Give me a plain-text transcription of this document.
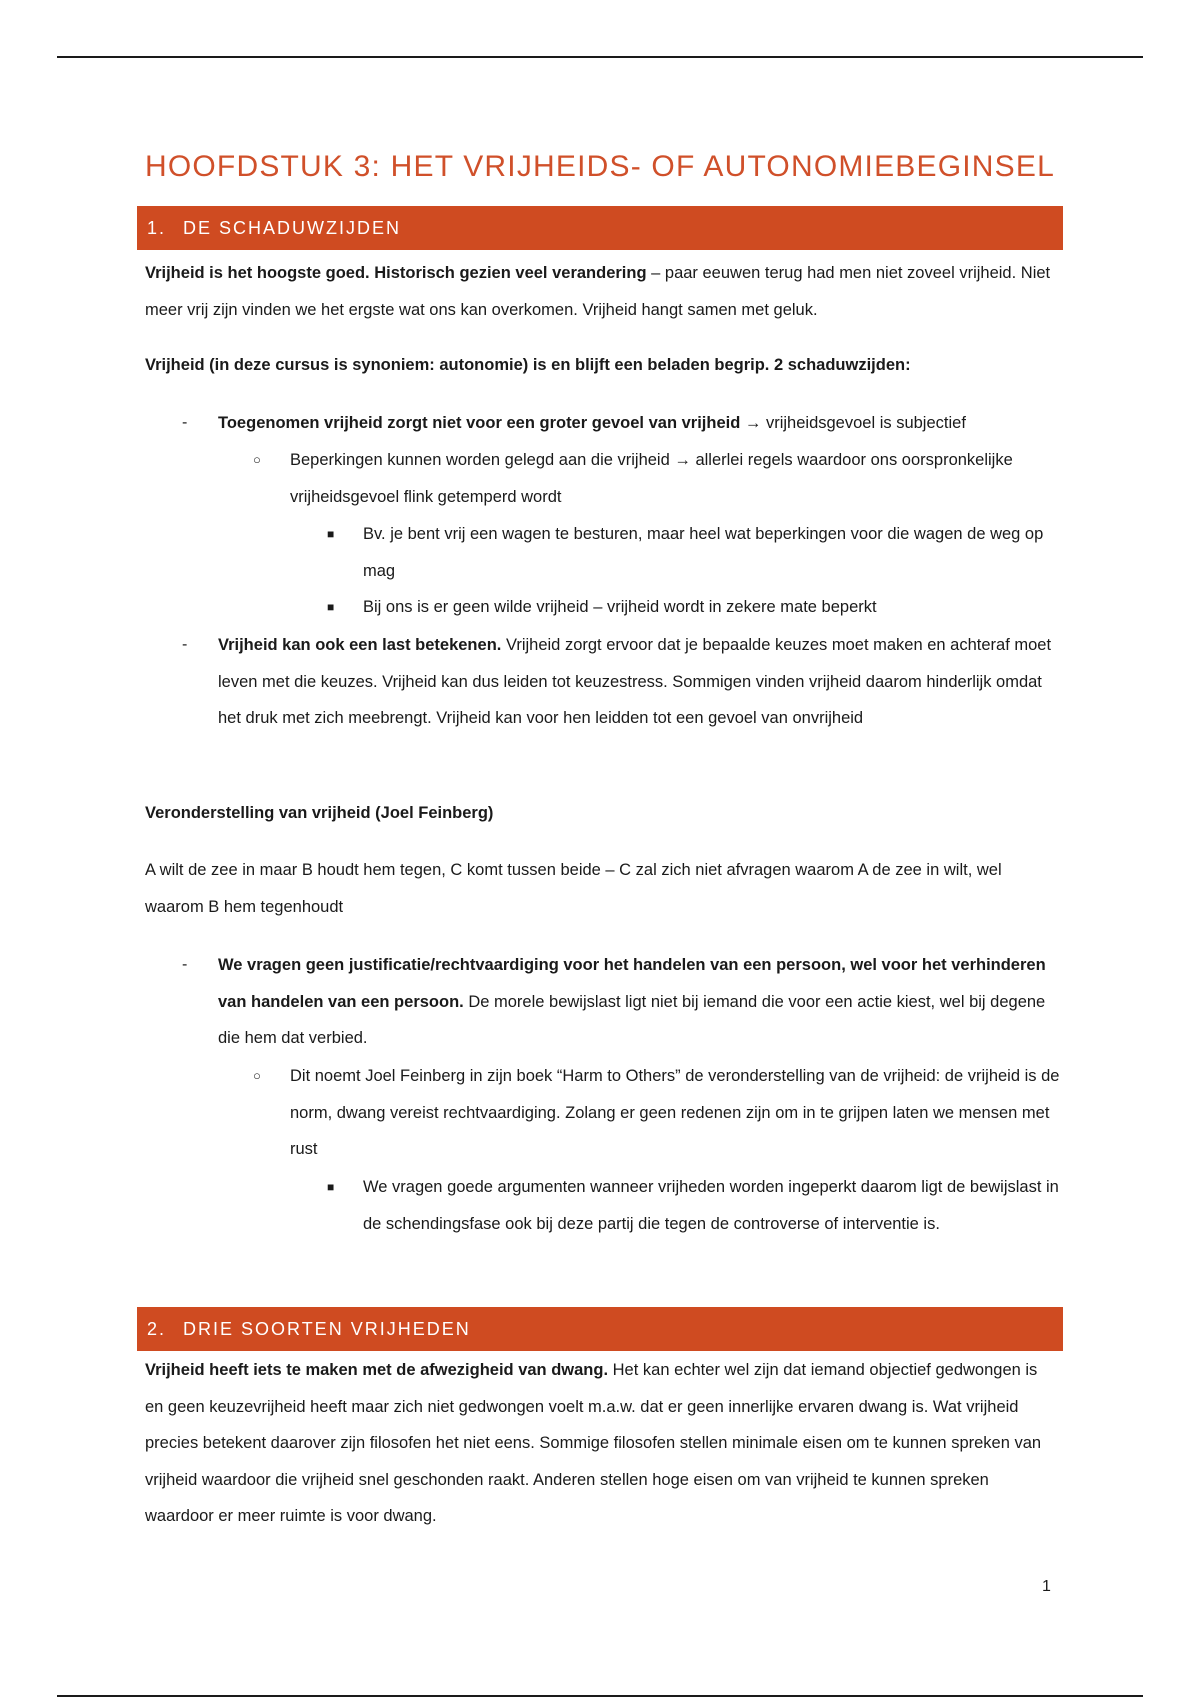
HOOFDSTUK 3: HET VRIJHEIDS- OF AUTONOMIEBEGINSEL
1. DE SCHADUWZIJDEN

Vrijheid is het hoogste goed. Historisch gezien veel verandering – paar eeuwen terug had men niet zoveel vrijheid. Niet meer vrij zijn vinden we het ergste wat ons kan overkomen. Vrijheid hangt samen met geluk.

Vrijheid (in deze cursus is synoniem: autonomie) is en blijft een beladen begrip. 2 schaduwzijden:

- Toegenomen vrijheid zorgt niet voor een groter gevoel van vrijheid → vrijheidsgevoel is subjectief

○ Beperkingen kunnen worden gelegd aan die vrijheid → allerlei regels waardoor ons oorspronkelijke vrijheidsgevoel flink getemperd wordt

■ Bv. je bent vrij een wagen te besturen, maar heel wat beperkingen voor die wagen de weg op mag

■ Bij ons is er geen wilde vrijheid – vrijheid wordt in zekere mate beperkt

- Vrijheid kan ook een last betekenen. Vrijheid zorgt ervoor dat je bepaalde keuzes moet maken en achteraf moet leven met die keuzes. Vrijheid kan dus leiden tot keuzestress. Sommigen vinden vrijheid daarom hinderlijk omdat het druk met zich meebrengt. Vrijheid kan voor hen leidden tot een gevoel van onvrijheid

Veronderstelling van vrijheid (Joel Feinberg)

A wilt de zee in maar B houdt hem tegen, C komt tussen beide – C zal zich niet afvragen waarom A de zee in wilt, wel waarom B hem tegenhoudt

- We vragen geen justificatie/rechtvaardiging voor het handelen van een persoon, wel voor het verhinderen van handelen van een persoon. De morele bewijslast ligt niet bij iemand die voor een actie kiest, wel bij degene die hem dat verbied.

○ Dit noemt Joel Feinberg in zijn boek “Harm to Others” de veronderstelling van de vrijheid: de vrijheid is de norm, dwang vereist rechtvaardiging. Zolang er geen redenen zijn om in te grijpen laten we mensen met rust

■ We vragen goede argumenten wanneer vrijheden worden ingeperkt daarom ligt de bewijslast in de schendingsfase ook bij deze partij die tegen de controverse of interventie is.

2. DRIE SOORTEN VRIJHEDEN

Vrijheid heeft iets te maken met de afwezigheid van dwang. Het kan echter wel zijn dat iemand objectief gedwongen is en geen keuzevrijheid heeft maar zich niet gedwongen voelt m.a.w. dat er geen innerlijke ervaren dwang is. Wat vrijheid precies betekent daarover zijn filosofen het niet eens. Sommige filosofen stellen minimale eisen om te kunnen spreken van vrijheid waardoor die vrijheid snel geschonden raakt. Anderen stellen hoge eisen om van vrijheid te kunnen spreken waardoor er meer ruimte is voor dwang.

1
